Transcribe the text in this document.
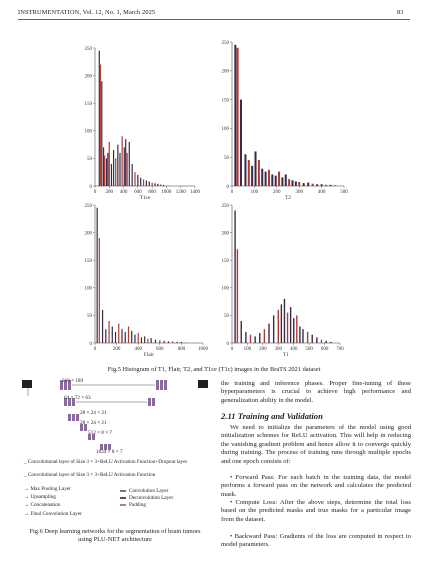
INSTRUMENTATION, Vol. 12, No. 1, March 2025	83
0
50
100
150
200
250
0 200 400 600 800 1000 1200 1400
T1ce
0
50
100
150
200
250
0	100	200	300	400	500
T2
0
50
100
150
200
250
0	200	400	600	800	1000
Flair
0
50
100
150
200
250
0 100 200 300 400 500 600 700
T1
Fig.5 Histogram of T1, Flair, T2, and T1ce (T1c) images in the BraTS 2021 dataset
216 × 189
64 × 72 × 63
28 × 24 × 21
28 × 24 × 21
512 × 8 × 7
1024 × 8 × 7
_ Convolutional layer of Size 3 × 3+ReLU Activation Function+Dropout layer
_ Convolutional layer of Size 3 × 3+ReLU Activation Function
→ Max Pooling Layer
→ Upsampling
→ Concatenation
→ Final Convolution Layer
Convolution Layer
Deconvolution Layer
Padding
Fig.6 Deep learning networks for the segmentation of brain tumors using PLU-NET architecture
the training and inference phases. Proper fine-tuning of these hyperparameters is crucial to achieve high performance and generalization ability in the model.
2.11 Training and Validation
We need to initialize the parameters of the model using good initialization schemes for ReLU activation. This will help in reducing the vanishing gradient problem and hence allow it to converge quickly during training. The process of training runs through multiple epochs and one epoch consists of:
• Forward Pass: For each batch in the training data, the model performs a forward pass on the network and calculates the predicted mask.
• Compute Loss: After the above steps, determine the total loss based on the predicted masks and true masks for a particular image from the dataset.
• Backward Pass: Gradients of the loss are computed in respect to model parameters.
